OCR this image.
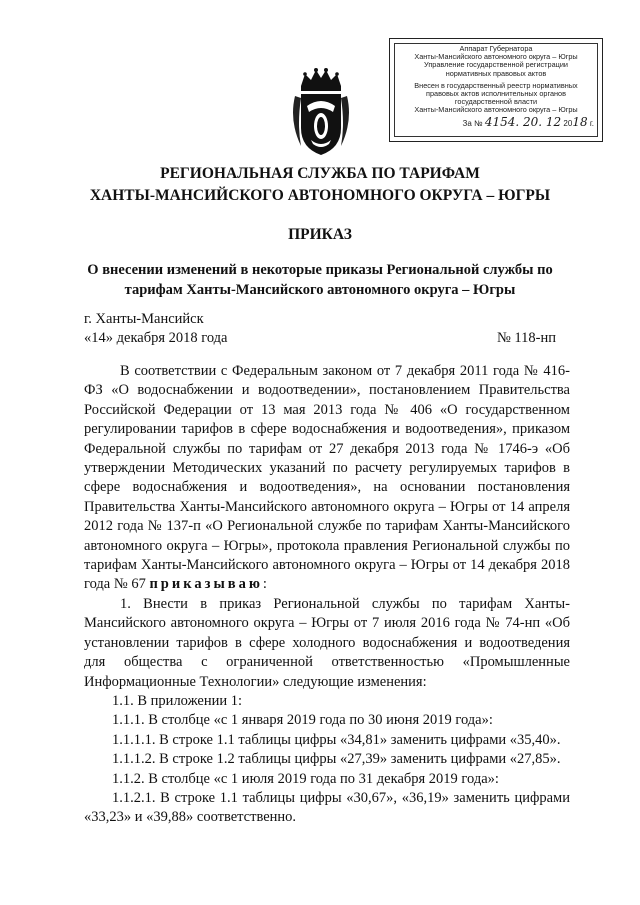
Аппарат Губернатора
Ханты-Мансийского автономного округа – Югры
Управление государственной регистрации
нормативных правовых актов
Внесен в государственный реестр нормативных
правовых актов исполнительных органов
государственной власти
Ханты-Мансийского автономного округа – Югры
За № 4154. 20. 12 2018 г.
РЕГИОНАЛЬНАЯ СЛУЖБА ПО ТАРИФАМ
ХАНТЫ-МАНСИЙСКОГО АВТОНОМНОГО ОКРУГА – ЮГРЫ
ПРИКАЗ

О внесении изменений в некоторые приказы Региональной службы по тарифам Ханты-Мансийского автономного округа – Югры

г. Ханты-Мансийск
«14» декабря 2018 года	№ 118-нп

В соответствии с Федеральным законом от 7 декабря 2011 года № 416-ФЗ «О водоснабжении и водоотведении», постановлением Правительства Российской Федерации от 13 мая 2013 года № 406 «О государственном регулировании тарифов в сфере водоснабжения и водоотведения», приказом Федеральной службы по тарифам от 27 декабря 2013 года № 1746-э «Об утверждении Методических указаний по расчету регулируемых тарифов в сфере водоснабжения и водоотведения», на основании постановления Правительства Ханты-Мансийского автономного округа – Югры от 14 апреля 2012 года № 137-п «О Региональной службе по тарифам Ханты-Мансийского автономного округа – Югры», протокола правления Региональной службы по тарифам Ханты-Мансийского автономного округа – Югры от 14 декабря 2018 года № 67 приказываю:

1. Внести в приказ Региональной службы по тарифам Ханты-Мансийского автономного округа – Югры от 7 июля 2016 года № 74-нп «Об установлении тарифов в сфере холодного водоснабжения и водоотведения для общества с ограниченной ответственностью «Промышленные Информационные Технологии» следующие изменения:

1.1. В приложении 1:

1.1.1. В столбце «с 1 января 2019 года по 30 июня 2019 года»:

1.1.1.1. В строке 1.1 таблицы цифры «34,81» заменить цифрами «35,40».

1.1.1.2. В строке 1.2 таблицы цифры «27,39» заменить цифрами «27,85».

1.1.2. В столбце «с 1 июля 2019 года по 31 декабря 2019 года»:

1.1.2.1. В строке 1.1 таблицы цифры «30,67», «36,19» заменить цифрами «33,23» и «39,88» соответственно.
